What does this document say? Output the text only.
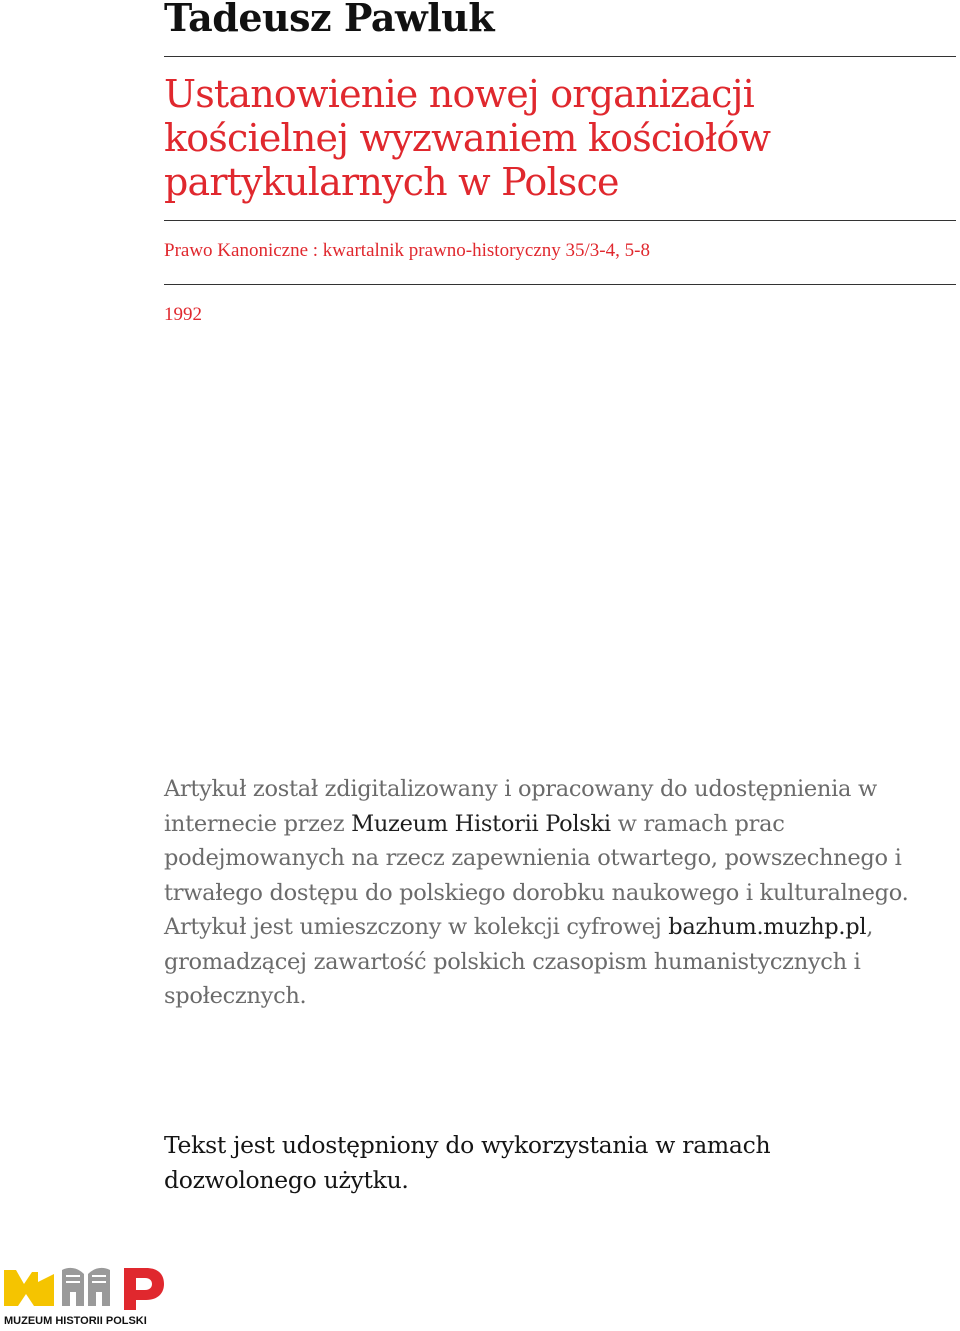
Tadeusz Pawluk
Ustanowienie nowej organizacji kościelnej wyzwaniem kościołów partykularnych w Polsce
Prawo Kanoniczne : kwartalnik prawno-historyczny 35/3-4, 5-8
1992

Artykuł został zdigitalizowany i opracowany do udostępnienia w internecie przez Muzeum Historii Polski w ramach prac podejmowanych na rzecz zapewnienia otwartego, powszechnego i trwałego dostępu do polskiego dorobku naukowego i kulturalnego. Artykuł jest umieszczony w kolekcji cyfrowej bazhum.muzhp.pl, gromadzącej zawartość polskich czasopism humanistycznych i społecznych.

Tekst jest udostępniony do wykorzystania w ramach dozwolonego użytku.

MUZEUM HISTORII POLSKI
